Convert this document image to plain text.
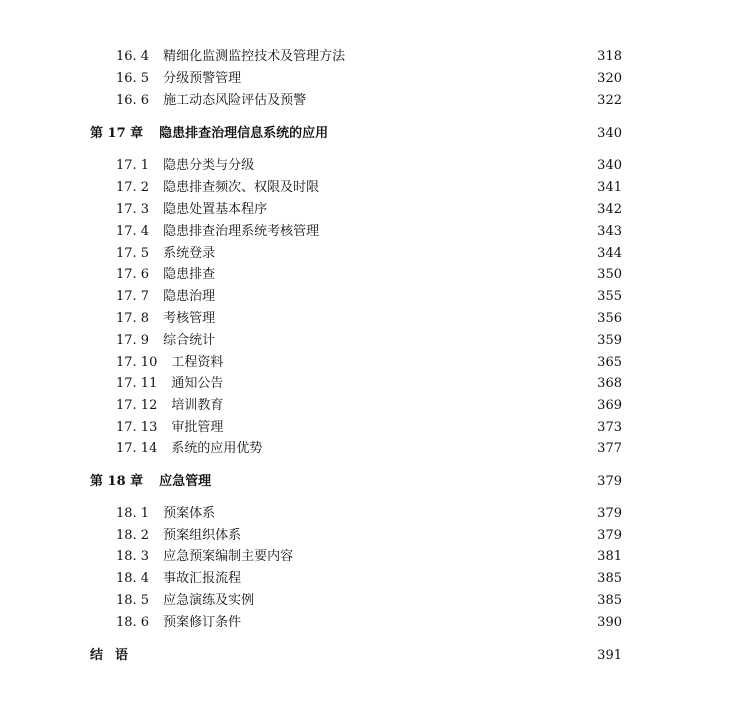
16. 4 精细化监测监控技术及管理方法	318
16. 5 分级预警管理	320
16. 6 施工动态风险评估及预警	322
第 17 章 隐患排查治理信息系统的应用	340
17. 1 隐患分类与分级	340
17. 2 隐患排查频次、权限及时限	341
17. 3 隐患处置基本程序	342
17. 4 隐患排查治理系统考核管理	343
17. 5 系统登录	344
17. 6 隐患排查	350
17. 7 隐患治理	355
17. 8 考核管理	356
17. 9 综合统计	359
17. 10 工程资料	365
17. 11 通知公告	368
17. 12 培训教育	369
17. 13 审批管理	373
17. 14 系统的应用优势	377
第 18 章 应急管理	379
18. 1 预案体系	379
18. 2 预案组织体系	379
18. 3 应急预案编制主要内容	381
18. 4 事故汇报流程	385
18. 5 应急演练及实例	385
18. 6 预案修订条件	390
结语	391
